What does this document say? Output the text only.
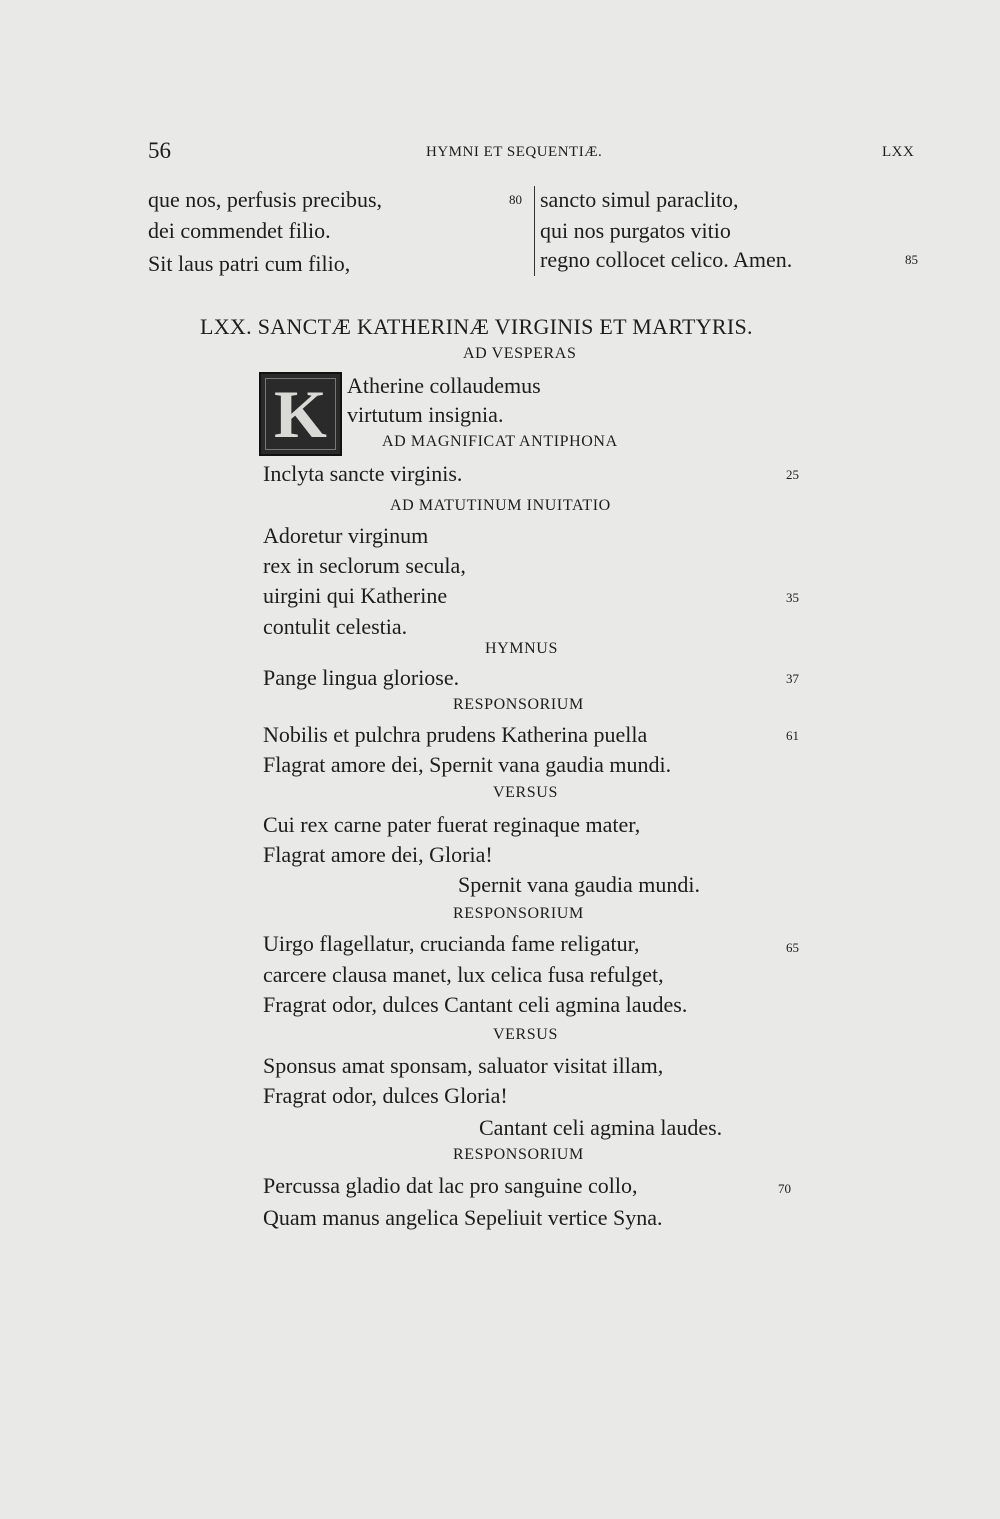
56	HYMNI ET SEQUENTIÆ.	LXX
que nos, perfusis precibus,
dei commendet filio.
Sit laus patri cum filio,
80 sancto simul paraclito,
qui nos purgatos vitio
regno collocet celico. Amen.	85
LXX. SANCTÆ KATHERINÆ VIRGINIS ET MARTYRIS.
AD VESPERAS
K Atherine collaudemus
virtutum insignia.
AD MAGNIFICAT ANTIPHONA
Inclyta sancte virginis.	25
AD MATUTINUM INUITATIO
Adoretur virginum
rex in seclorum secula,
uirgini qui Katherine	35
contulit celestia.
HYMNUS
Pange lingua gloriose.	37
RESPONSORIUM
Nobilis et pulchra prudens Katherina puella	61
Flagrat amore dei, Spernit vana gaudia mundi.
VERSUS
Cui rex carne pater fuerat reginaque mater,
Flagrat amore dei, Gloria!
Spernit vana gaudia mundi.
RESPONSORIUM
Uirgo flagellatur, crucianda fame religatur,	65
carcere clausa manet, lux celica fusa refulget,
Fragrat odor, dulces Cantant celi agmina laudes.
VERSUS
Sponsus amat sponsam, saluator visitat illam,
Fragrat odor, dulces Gloria!
Cantant celi agmina laudes.
RESPONSORIUM
Percussa gladio dat lac pro sanguine collo,	70
Quam manus angelica Sepeliuit vertice Syna.
